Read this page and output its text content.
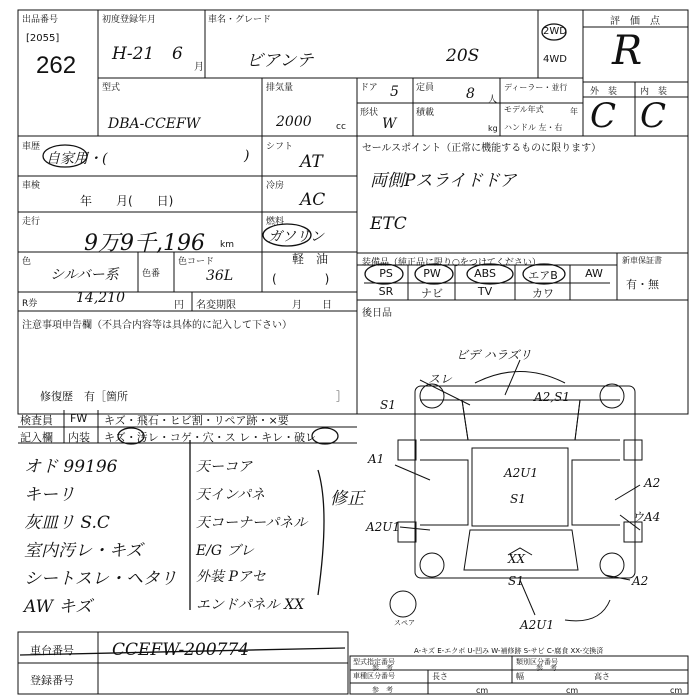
出品番号
[2055]
262
初度登録年月
H-21 6
月
車名・グレード
ビアンテ	20S
2WD
4WD
評　価　点
R
型式
DBA-CCEFW
排気量
2000	cc
ドア 5 定員 8 人
ディーラー・並行
モデル年式	年
形状
W
積載
kg ハンドル 左・右
外　装	内　装
C C
車歴
自家用・(	)
シフト
AT
車検
年　　月(　　日)
冷房
AC
走行
9万9千,196 km
燃料
ガソリン
軽　油
(　　　　)
色
シルバー系	色番
色コード
36L
R券	14,210	円 名変期限	月　　日
セールスポイント（正常に機能するものに限ります）
両側Pスライドドア
ETC
装備品（純正品に限り○をつけてください）	新車保証書
有・無
PS	PW	ABS	エアB	AW
SR	ナビ	TV	カワ
後日品
注意事項申告欄（不具合内容等は具体的に記入して下さい）
修復歴　有［箇所	］
検査員
記入欄
FW キズ・飛石・ヒビ割・リペア跡・×要
内装 キズ・汚レ・コゲ・穴・ス レ・キレ・破レ
オド 99196
キーリ
灰皿リ S.C
室内汚レ・キズ
シートスレ・ヘタリ
AW キズ
天ーコア
天インパネ
天コーナーパネル
E/G ブレ
外装 Pアセ
エンドパネル XX
修正
ビデ ハラズリ
スレ
A2,S1
S1
A1
A2
A2U1
S1
ウA4
A2U1
XX
S1	A2
A2U1
スペア
車台番号 CCEFW-200774
登録番号
A-キズ E-エクボ U-凹み W-補修跡 S-サビ C-腐食 XX-交換済
型式指定番号
参　考
類別区分番号
参　考
車種区分番号
参　考
長さ	幅	高さ
cm	cm	cm
